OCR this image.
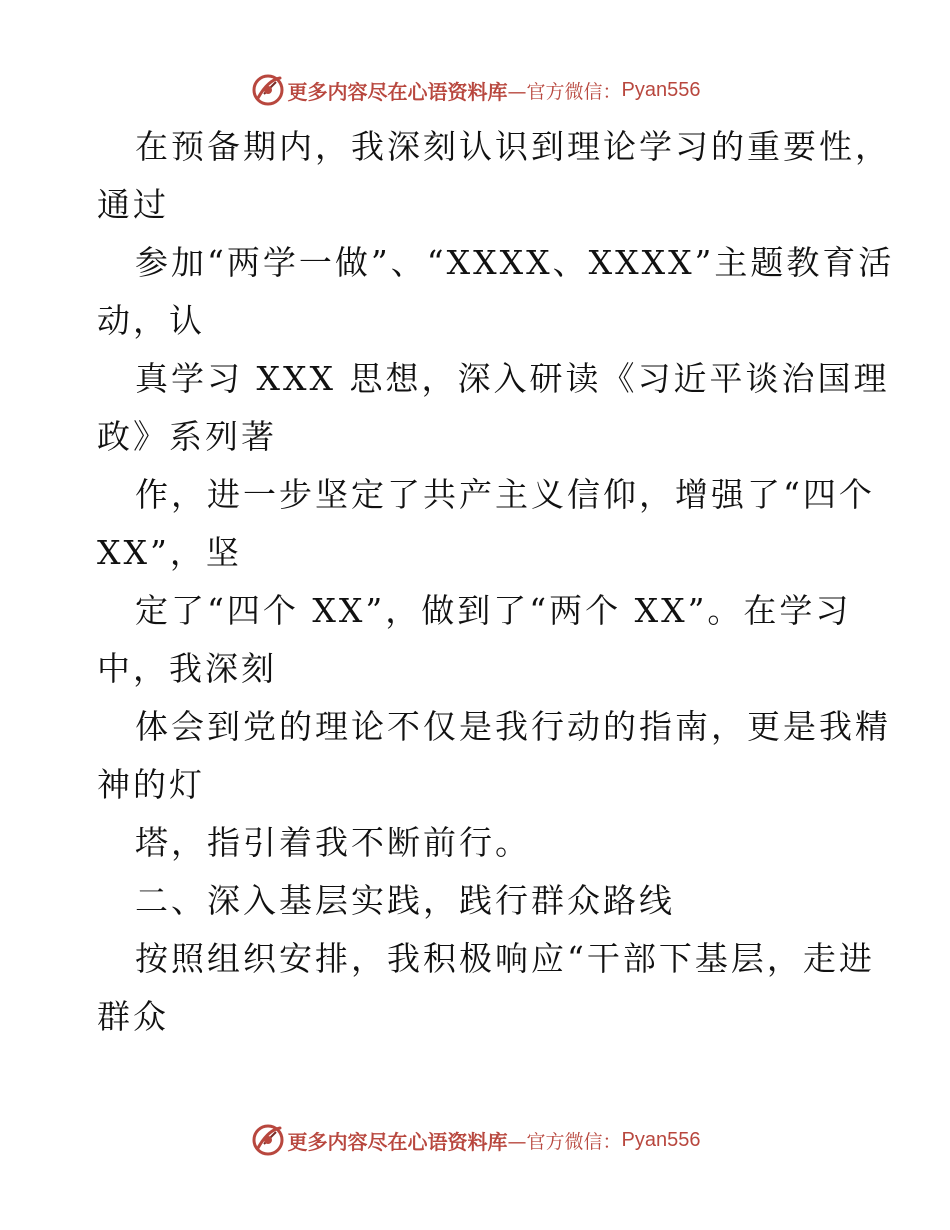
更多内容尽在心语资料库 —官方微信： Pyan556
在预备期内，我深刻认识到理论学习的重要性，
通过
参加“两学一做”、“XXXX、XXXX”主题教育活
动，认
真学习 XXX 思想，深入研读《习近平谈治国理
政》系列著
作，进一步坚定了共产主义信仰，增强了“四个
XX”，坚
定了“四个 XX”，做到了“两个 XX”。在学习
中，我深刻
体会到党的理论不仅是我行动的指南，更是我精
神的灯
塔，指引着我不断前行。
二、深入基层实践，践行群众路线
按照组织安排，我积极响应“干部下基层，走进
群众
更多内容尽在心语资料库 —官方微信： Pyan556
